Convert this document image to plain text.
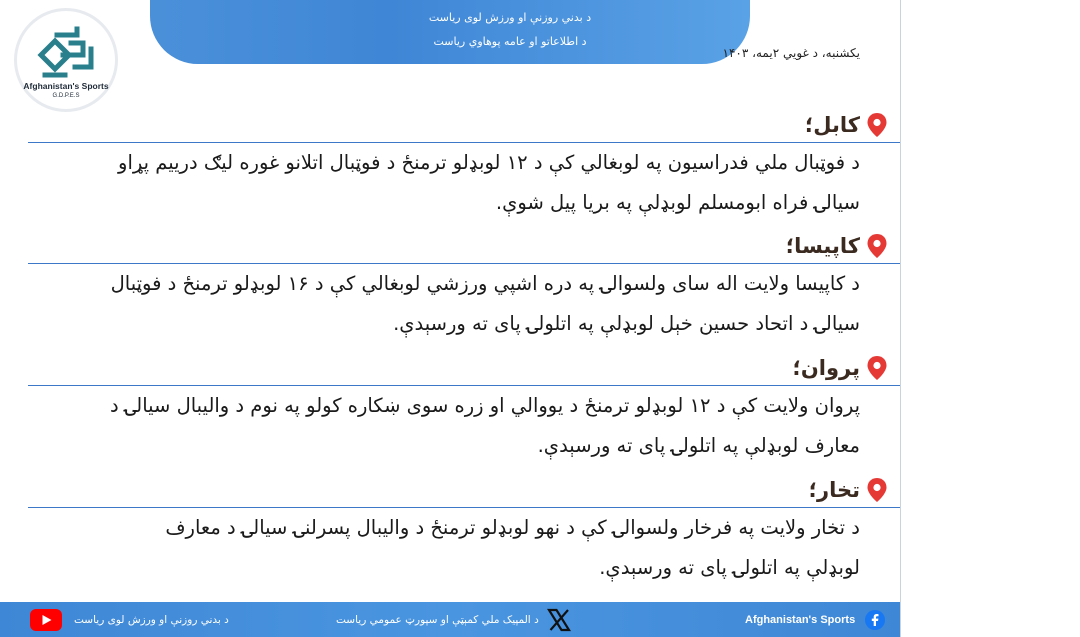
د بدني روزنې او ورزش لوی ریاست
د اطلاعاتو او عامه پوهاوي ریاست
Afghanistan's Sports
G.D.P.E.S
یکشنبه، د غویي ۲یمه، ۱۴۰۳
کابل؛
د فوټبال ملي فدراسیون په لوبغالي کې د ۱۲ لوبډلو ترمنځ د فوټبال اتلانو غوره لیګ درییم پړاو
سیالۍ فراه ابومسلم لوبډلې په بریا پیل شوې.
کاپیسا؛
د کاپیسا ولایت اله سای ولسوالۍ په دره اشپي ورزشي لوبغالي کې د ۱۶ لوبډلو ترمنځ د فوټبال
سیالۍ د اتحاد حسین خېل لوبډلې په اتلولۍ پای ته ورسېدې.
پروان؛
پروان ولایت کې د ۱۲ لوبډلو ترمنځ د یووالي او زره سوی ښکاره کولو په نوم د والیبال سیالۍ د
معارف لوبډلې په اتلولۍ پای ته ورسېدې.
تخار؛
د تخار ولایت په فرخار ولسوالۍ کې د نهو لوبډلو ترمنځ د والیبال پسرلنۍ سیالۍ د معارف
لوبډلې په اتلولۍ پای ته ورسېدې.
د بدني روزنې او ورزش لوی ریاست	د المپیک ملي کمېټې او سپورټ عمومي ریاست	Afghanistan's Sports
